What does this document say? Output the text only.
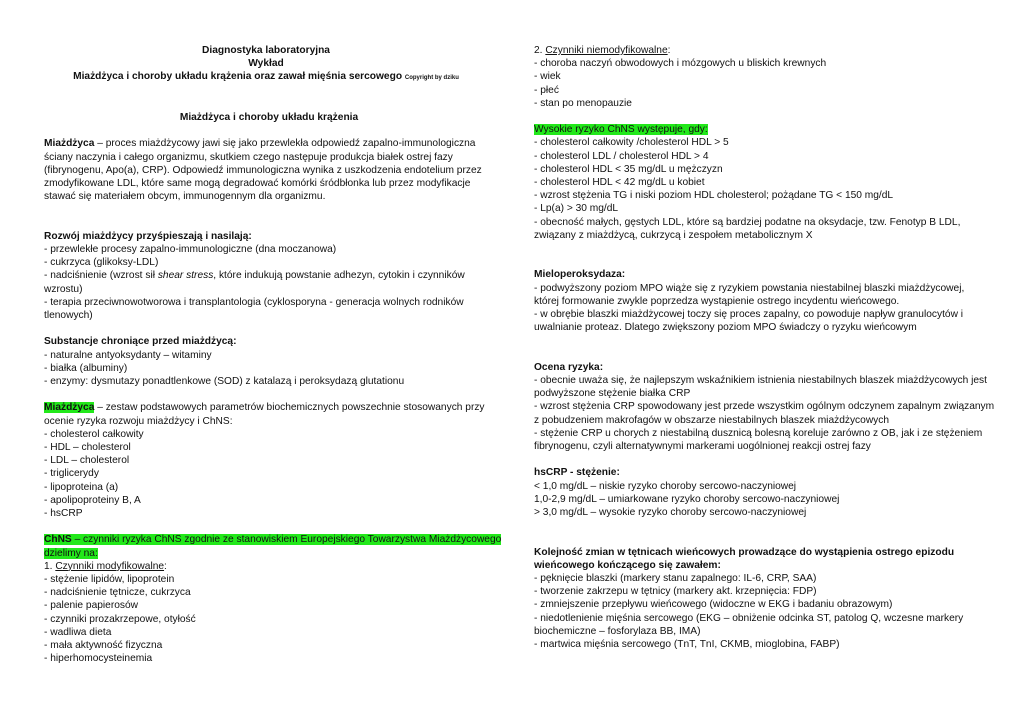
Diagnostyka laboratoryjna
Wykład
Miażdżyca i choroby układu krążenia oraz zawał mięśnia sercowego Copyright by dziku
Miażdżyca i choroby układu krążenia
Miażdżyca – proces miażdżycowy jawi się jako przewlekła odpowiedź zapalno-immunologiczna
ściany naczynia i całego organizmu, skutkiem czego następuje produkcja białek ostrej fazy
(fibrynogenu, Apo(a), CRP). Odpowiedź immunologiczna wynika z uszkodzenia endotelium przez
zmodyfikowane LDL, które same mogą degradować komórki śródbłonka lub przez modyfikacje
stawać się materiałem obcym, immunogennym dla organizmu.
Rozwój miażdżycy przyśpieszają i nasilają:
- przewlekłe procesy zapalno-immunologiczne (dna moczanowa)
- cukrzyca (glikoksy-LDL)
- nadciśnienie (wzrost sił shear stress, które indukują powstanie adhezyn, cytokin i czynników
wzrostu)
- terapia przeciwnowotworowa i transplantologia (cyklosporyna - generacja wolnych rodników
tlenowych)
Substancje chroniące przed miażdżycą:
- naturalne antyoksydanty – witaminy
- białka (albuminy)
- enzymy: dysmutazy ponadtlenkowe (SOD) z katalazą i peroksydazą glutationu
Miażdżyca – zestaw podstawowych parametrów biochemicznych powszechnie stosowanych przy
ocenie ryzyka rozwoju miażdżycy i ChNS:
- cholesterol całkowity
- HDL – cholesterol
- LDL – cholesterol
- triglicerydy
- lipoproteina (a)
- apolipoproteiny B, A
- hsCRP
ChNS – czynniki ryzyka ChNS zgodnie ze stanowiskiem Europejskiego Towarzystwa Miażdżycowego
dzielimy na:
1. Czynniki modyfikowalne:
- stężenie lipidów, lipoprotein
- nadciśnienie tętnicze, cukrzyca
- palenie papierosów
- czynniki prozakrzepowe, otyłość
- wadliwa dieta
- mała aktywność fizyczna
- hiperhomocysteinemia
2. Czynniki niemodyfikowalne:
- choroba naczyń obwodowych i mózgowych u bliskich krewnych
- wiek
- płeć
- stan po menopauzie
Wysokie ryzyko ChNS występuje, gdy:
- cholesterol całkowity /cholesterol HDL > 5
- cholesterol LDL / cholesterol HDL > 4
- cholesterol HDL < 35 mg/dL u mężczyzn
- cholesterol HDL < 42 mg/dL u kobiet
- wzrost stężenia TG i niski poziom HDL cholesterol; pożądane TG < 150 mg/dL
- Lp(a) > 30 mg/dL
- obecność małych, gęstych LDL, które są bardziej podatne na oksydacje, tzw. Fenotyp B LDL,
związany z miażdżycą, cukrzycą i zespołem metabolicznym X
Mieloperoksydaza:
- podwyższony poziom MPO wiąże się z ryzykiem powstania niestabilnej blaszki miażdżycowej,
której formowanie zwykle poprzedza wystąpienie ostrego incydentu wieńcowego.
- w obrębie blaszki miażdżycowej toczy się proces zapalny, co powoduje napływ granulocytów i
uwalnianie proteaz. Dlatego zwiększony poziom MPO świadczy o ryzyku wieńcowym
Ocena ryzyka:
- obecnie uważa się, że najlepszym wskaźnikiem istnienia niestabilnych blaszek miażdżycowych jest
podwyższone stężenie białka CRP
- wzrost stężenia CRP spowodowany jest przede wszystkim ogólnym odczynem zapalnym związanym
z pobudzeniem makrofagów w obszarze niestabilnych blaszek miażdżycowych
- stężenie CRP u chorych z niestabilną dusznicą bolesną koreluje zarówno z OB, jak i ze stężeniem
fibrynogenu, czyli alternatywnymi markerami uogólnionej reakcji ostrej fazy
hsCRP - stężenie:
< 1,0 mg/dL – niskie ryzyko choroby sercowo-naczyniowej
1,0-2,9 mg/dL – umiarkowane ryzyko choroby sercowo-naczyniowej
> 3,0 mg/dL – wysokie ryzyko choroby sercowo-naczyniowej
Kolejność zmian w tętnicach wieńcowych prowadzące do wystąpienia ostrego epizodu
wieńcowego kończącego się zawałem:
- pęknięcie blaszki (markery stanu zapalnego: IL-6, CRP, SAA)
- tworzenie zakrzepu w tętnicy (markery akt. krzepnięcia: FDP)
- zmniejszenie przepływu wieńcowego (widoczne w EKG i badaniu obrazowym)
- niedotlenienie mięśnia sercowego (EKG – obniżenie odcinka ST, patolog Q, wczesne markery
biochemiczne – fosforylaza BB, IMA)
- martwica mięśnia sercowego (TnT, TnI, CKMB, mioglobina, FABP)
